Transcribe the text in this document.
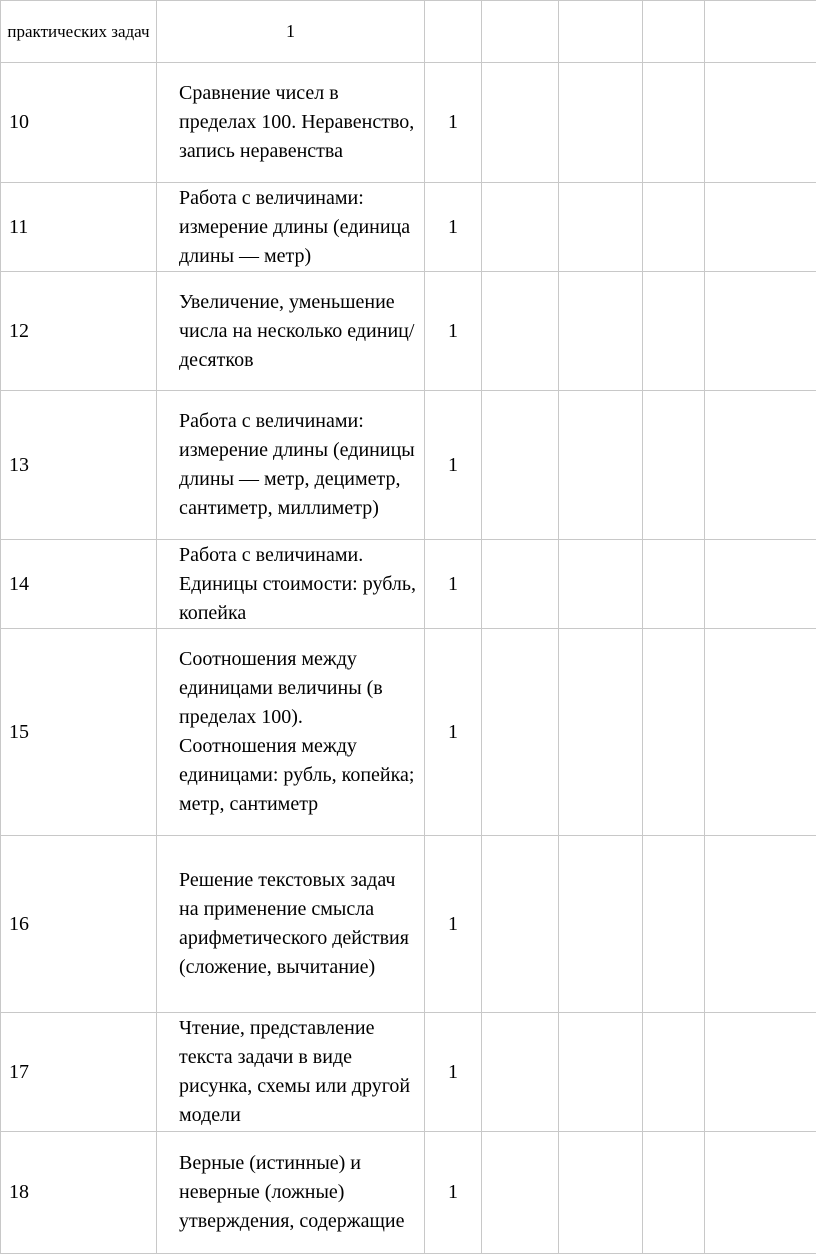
практических задач	1					
10	Сравнение чисел в пределах 100. Неравенство, запись неравенства	1				
11	Работа с величинами: измерение длины (единица длины — метр)	1				
12	Увеличение, уменьшение числа на несколько единиц/десятков	1				
13	Работа с величинами: измерение длины (единицы длины — метр, дециметр, сантиметр, миллиметр)	1				
14	Работа с величинами. Единицы стоимости: рубль, копейка	1				
15	Соотношения между единицами величины (в пределах 100). Соотношения между единицами: рубль, копейка; метр, сантиметр	1				
16	Решение текстовых задач на применение смысла арифметического действия (сложение, вычитание)	1				
17	Чтение, представление текста задачи в виде рисунка, схемы или другой модели	1				
18	Верные (истинные) и неверные (ложные) утверждения, содержащие	1				
